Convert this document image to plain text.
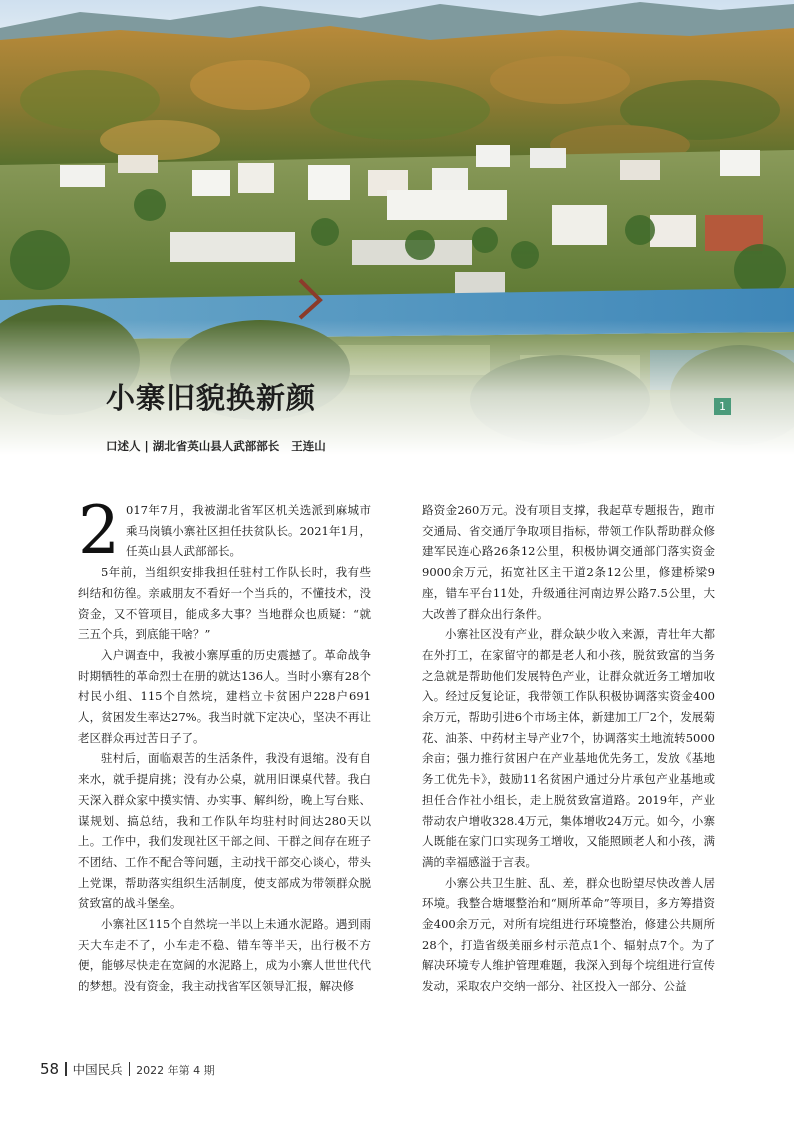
小寨旧貌换新颜	1
口述人 | 湖北省英山县人武部部长 王连山

2 017年7月，我被湖北省军区机关选派到麻城市乘马岗镇小寨社区担任扶贫队长。2021年1月，任英山县人武部部长。

5年前，当组织安排我担任驻村工作队长时，我有些纠结和彷徨。亲戚朋友不看好一个当兵的，不懂技术，没资金，又不管项目，能成多大事？当地群众也质疑：“就三五个兵，到底能干啥？”

入户调查中，我被小寨厚重的历史震撼了。革命战争时期牺牲的革命烈士在册的就达136人。当时小寨有28个村民小组、115个自然垸，建档立卡贫困户228户691人，贫困发生率达27%。我当时就下定决心，坚决不再让老区群众再过苦日子了。

驻村后，面临艰苦的生活条件，我没有退缩。没有自来水，就手提肩挑；没有办公桌，就用旧课桌代替。我白天深入群众家中摸实情、办实事、解纠纷，晚上写台账、谋规划、搞总结，我和工作队年均驻村时间达280天以上。工作中，我们发现社区干部之间、干群之间存在班子不团结、工作不配合等问题，主动找干部交心谈心，带头上党课，帮助落实组织生活制度，使支部成为带领群众脱贫致富的战斗堡垒。

小寨社区115个自然垸一半以上未通水泥路。遇到雨天大车走不了，小车走不稳、错车等半天，出行极不方便，能够尽快走在宽阔的水泥路上，成为小寨人世世代代的梦想。没有资金，我主动找省军区领导汇报，解决修

路资金260万元。没有项目支撑，我起草专题报告，跑市交通局、省交通厅争取项目指标，带领工作队帮助群众修建军民连心路26条12公里，积极协调交通部门落实资金9000余万元，拓宽社区主干道2条12公里，修建桥梁9座，错车平台11处，升级通往河南边界公路7.5公里，大大改善了群众出行条件。

小寨社区没有产业，群众缺少收入来源，青壮年大都在外打工，在家留守的都是老人和小孩，脱贫致富的当务之急就是帮助他们发展特色产业，让群众就近务工增加收入。经过反复论证，我带领工作队积极协调落实资金400余万元，帮助引进6个市场主体，新建加工厂2个，发展菊花、油茶、中药材主导产业7个，协调落实土地流转5000余亩；强力推行贫困户在产业基地优先务工，发放《基地务工优先卡》，鼓励11名贫困户通过分片承包产业基地或担任合作社小组长，走上脱贫致富道路。2019年，产业带动农户增收328.4万元，集体增收24万元。如今，小寨人既能在家门口实现务工增收，又能照顾老人和小孩，满满的幸福感溢于言表。

小寨公共卫生脏、乱、差，群众也盼望尽快改善人居环境。我整合塘堰整治和“厕所革命”等项目，多方筹措资金400余万元，对所有垸组进行环境整治，修建公共厕所28个，打造省级美丽乡村示范点1个、辐射点7个。为了解决环境专人维护管理难题，我深入到每个垸组进行宣传发动，采取农户交纳一部分、社区投入一部分、公益

58 中国民兵 2022 年第 4 期
